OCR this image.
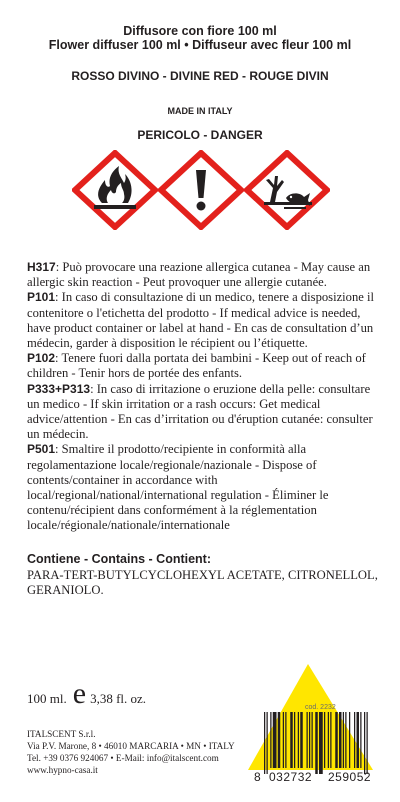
Diffusore con fiore 100 ml
Flower diffuser 100 ml • Diffuseur avec fleur 100 ml
ROSSO DIVINO - DIVINE RED - ROUGE DIVIN
MADE IN ITALY
PERICOLO - DANGER

H317: Può provocare una reazione allergica cutanea - May cause an allergic skin reaction - Peut provoquer une allergie cutanée.

P101: In caso di consultazione di un medico, tenere a disposizione il contenitore o l'etichetta del prodotto - If medical advice is needed, have product container or label at hand - En cas de consultation d’un médecin, garder à disposition le récipient ou l’étiquette.

P102: Tenere fuori dalla portata dei bambini - Keep out of reach of children - Tenir hors de portée des enfants.

P333+P313: In caso di irritazione o eruzione della pelle: consultare un medico - If skin irritation or a rash occurs: Get medical advice/attention - En cas d’irritation ou d'éruption cutanée: consulter un médecin.

P501: Smaltire il prodotto/recipiente in conformità alla regolamentazione locale/regionale/nazionale - Dispose of contents/container in accordance with local/regional/national/international regulation - Éliminer le contenu/récipient dans conformément à la réglementation locale/régionale/nationale/internationale

Contiene - Contains - Contient:
PARA-TERT-BUTYLCYCLOHEXYL ACETATE, CITRONELLOL, GERANIOLO.
100 ml. e 3,38 fl. oz.
ITALSCENT S.r.l.
Via P.V. Marone, 8 • 46010 MARCARIA • MN • ITALY
Tel. +39 0376 924067 • E-Mail: info@italscent.com
www.hypno-casa.it
cod. 2232
8 032732 259052
